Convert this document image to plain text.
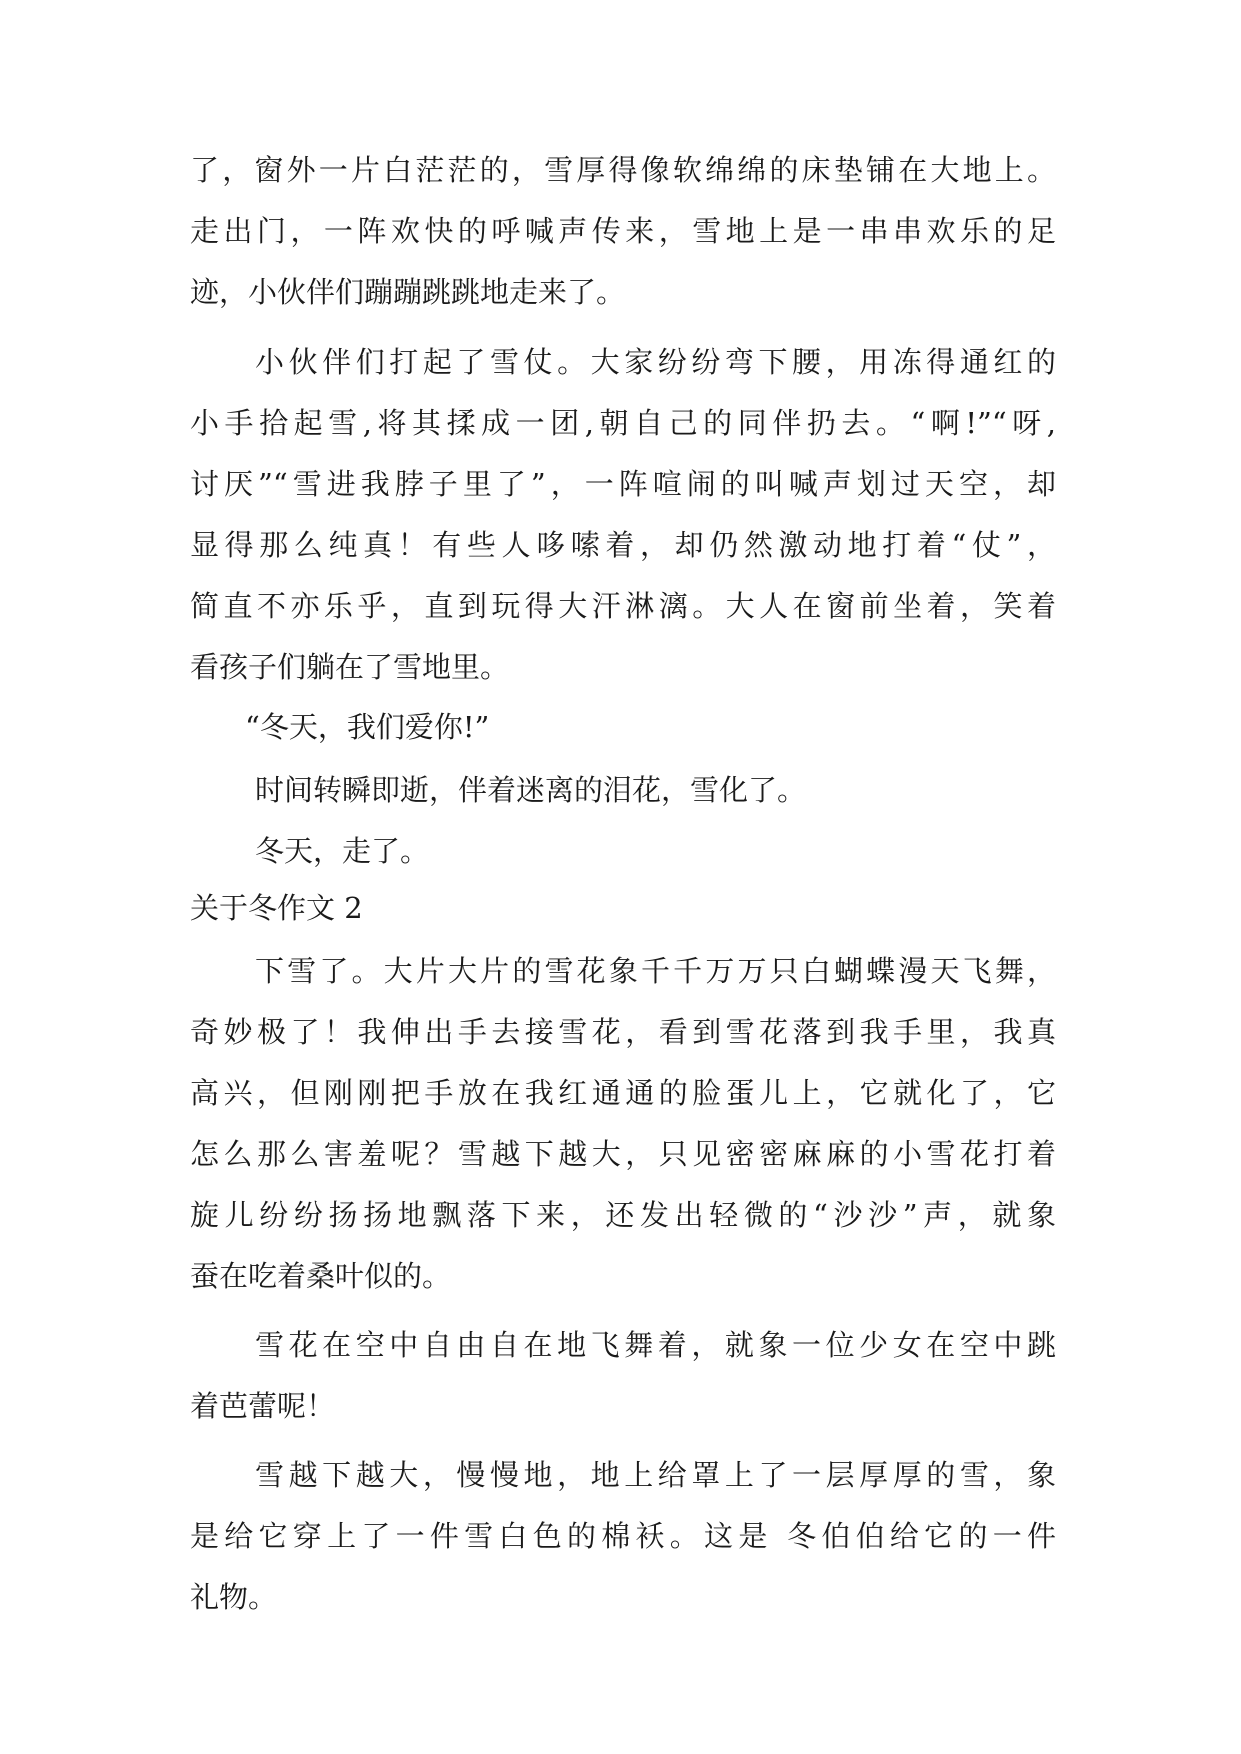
了，窗外一片白茫茫的，雪厚得像软绵绵的床垫铺在大地上。
走出门，一阵欢快的呼喊声传来，雪地上是一串串欢乐的足
迹，小伙伴们蹦蹦跳跳地走来了。
小伙伴们打起了雪仗。大家纷纷弯下腰，用冻得通红的
小手拾起雪,将其揉成一团,朝自己的同伴扔去。“啊!”“呀,
讨厌”“雪进我脖子里了”，一阵喧闹的叫喊声划过天空，却
显得那么纯真！有些人哆嗦着，却仍然激动地打着“仗”，
简直不亦乐乎，直到玩得大汗淋漓。大人在窗前坐着，笑着
看孩子们躺在了雪地里。
“冬天，我们爱你!”
时间转瞬即逝，伴着迷离的泪花，雪化了。
冬天，走了。
关于冬作文 2
下雪了。大片大片的雪花象千千万万只白蝴蝶漫天飞舞，
奇妙极了！我伸出手去接雪花，看到雪花落到我手里，我真
高兴，但刚刚把手放在我红通通的脸蛋儿上，它就化了，它
怎么那么害羞呢？雪越下越大，只见密密麻麻的小雪花打着
旋儿纷纷扬扬地飘落下来，还发出轻微的“沙沙”声，就象
蚕在吃着桑叶似的。
雪花在空中自由自在地飞舞着，就象一位少女在空中跳
着芭蕾呢！
雪越下越大，慢慢地，地上给罩上了一层厚厚的雪，象
是给它穿上了一件雪白色的棉袄。这是 冬伯伯给它的一件
礼物。
